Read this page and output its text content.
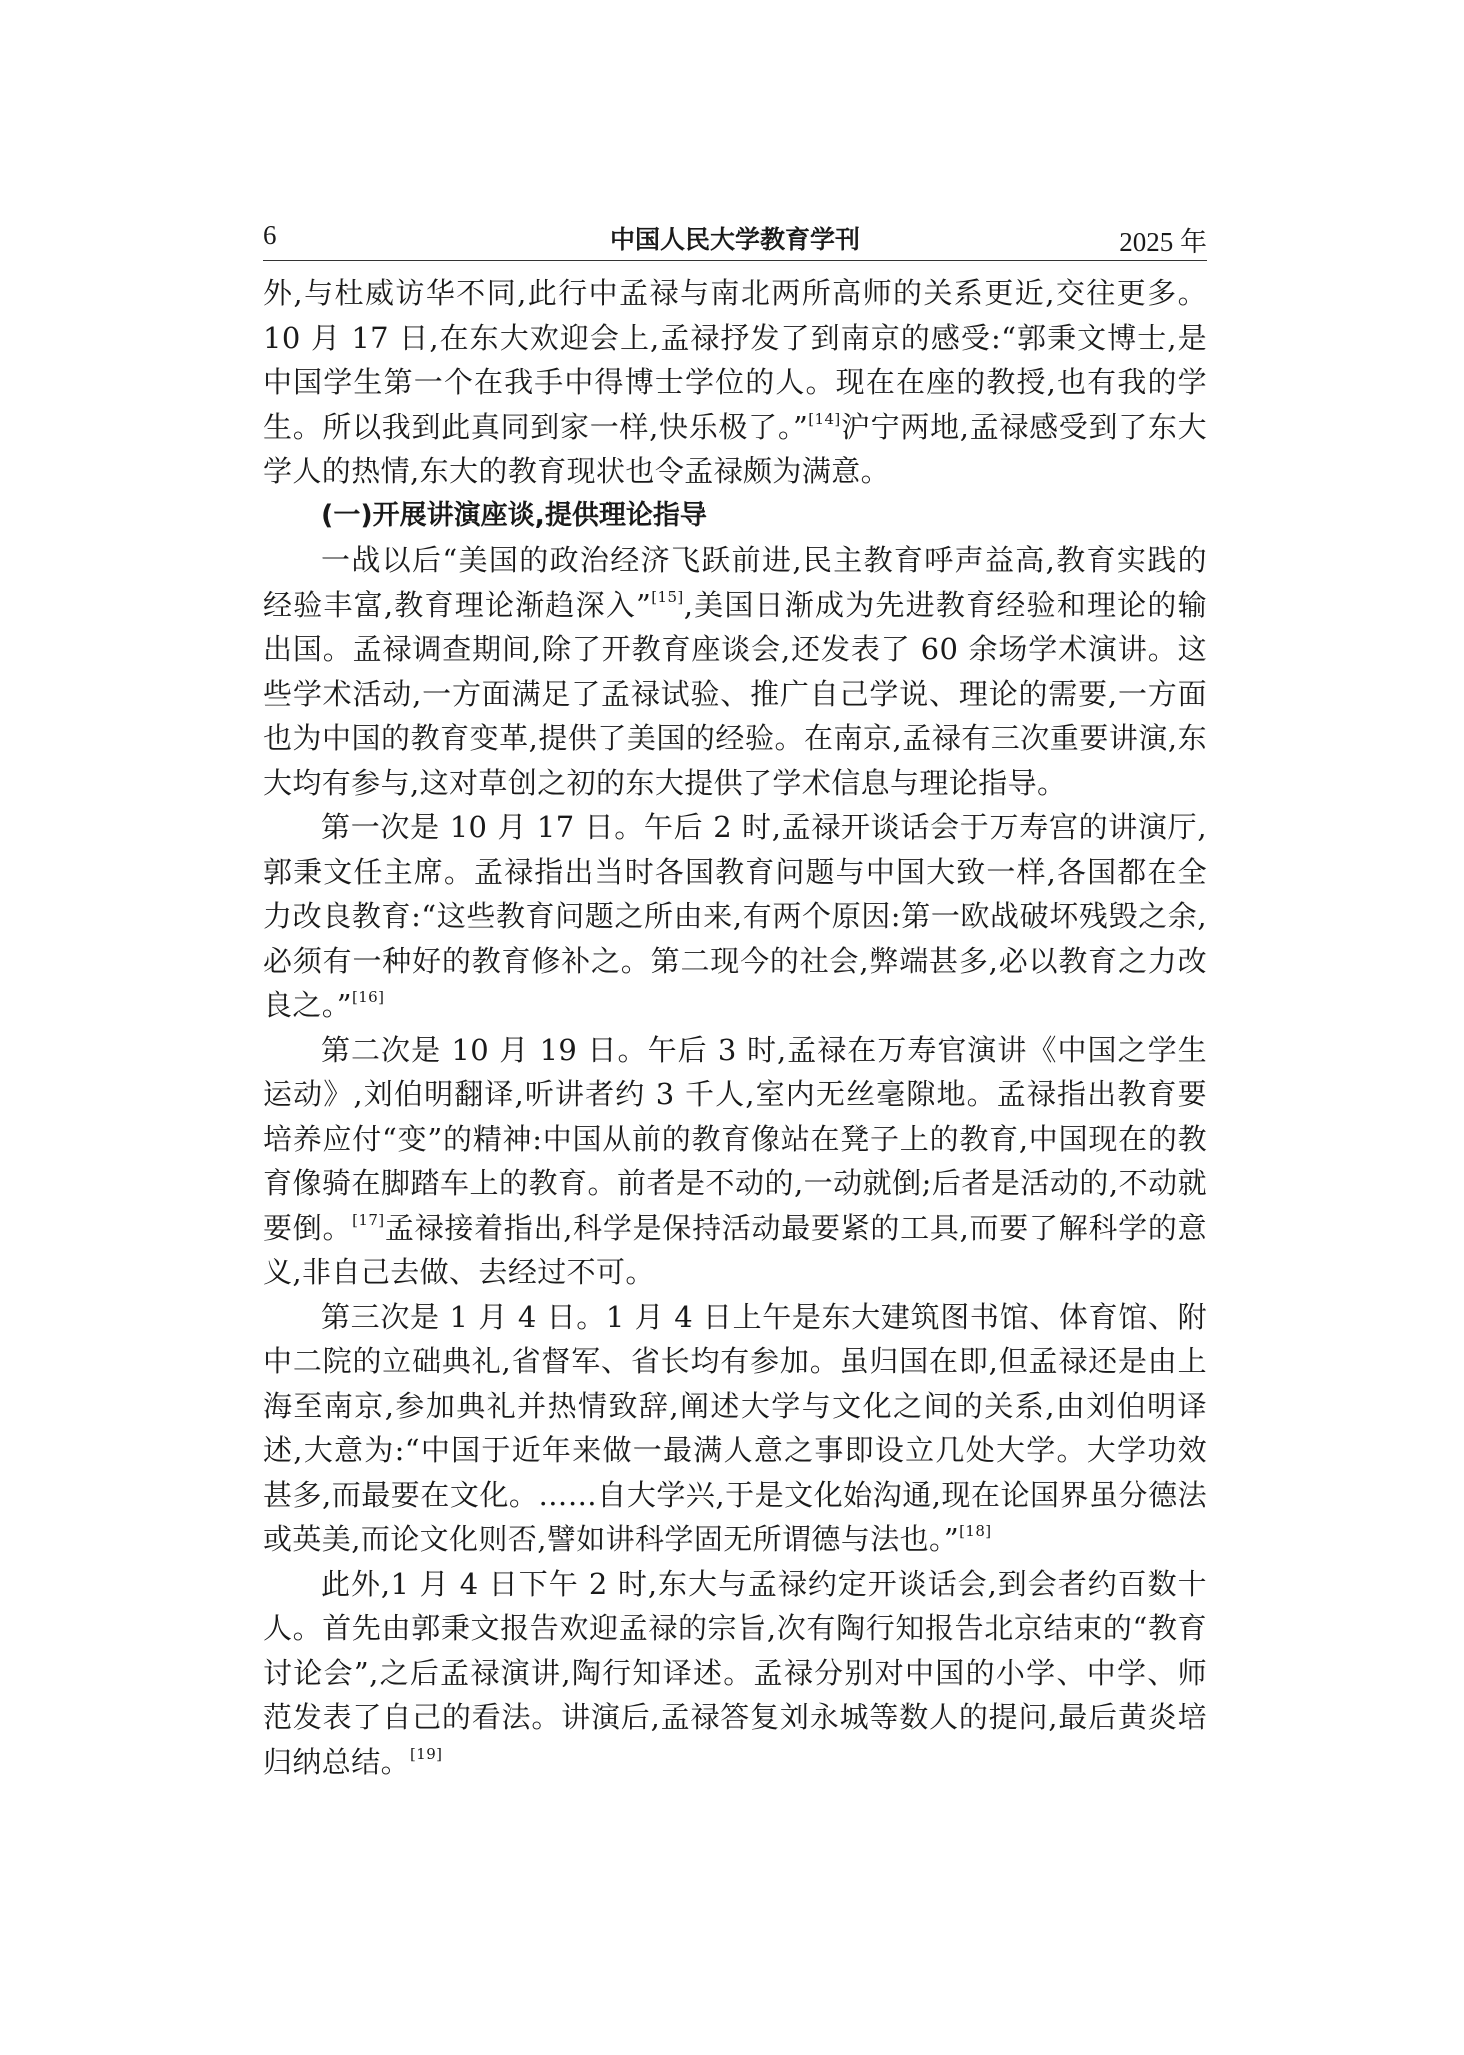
6	中国人民大学教育学刊	2025 年

外,与杜威访华不同,此行中孟禄与南北两所高师的关系更近,交往更多。10 月 17 日,在东大欢迎会上,孟禄抒发了到南京的感受:“郭秉文博士,是中国学生第一个在我手中得博士学位的人。现在在座的教授,也有我的学生。所以我到此真同到家一样,快乐极了。”[14]沪宁两地,孟禄感受到了东大学人的热情,东大的教育现状也令孟禄颇为满意。

(一)开展讲演座谈,提供理论指导

一战以后“美国的政治经济飞跃前进,民主教育呼声益高,教育实践的经验丰富,教育理论渐趋深入”[15],美国日渐成为先进教育经验和理论的输出国。孟禄调查期间,除了开教育座谈会,还发表了 60 余场学术演讲。这些学术活动,一方面满足了孟禄试验、推广自己学说、理论的需要,一方面也为中国的教育变革,提供了美国的经验。在南京,孟禄有三次重要讲演,东大均有参与,这对草创之初的东大提供了学术信息与理论指导。

第一次是 10 月 17 日。午后 2 时,孟禄开谈话会于万寿宫的讲演厅,郭秉文任主席。孟禄指出当时各国教育问题与中国大致一样,各国都在全力改良教育:“这些教育问题之所由来,有两个原因:第一欧战破坏残毁之余,必须有一种好的教育修补之。第二现今的社会,弊端甚多,必以教育之力改良之。”[16]

第二次是 10 月 19 日。午后 3 时,孟禄在万寿官演讲《中国之学生运动》,刘伯明翻译,听讲者约 3 千人,室内无丝毫隙地。孟禄指出教育要培养应付“变”的精神:中国从前的教育像站在凳子上的教育,中国现在的教育像骑在脚踏车上的教育。前者是不动的,一动就倒;后者是活动的,不动就要倒。[17]孟禄接着指出,科学是保持活动最要紧的工具,而要了解科学的意义,非自己去做、去经过不可。

第三次是 1 月 4 日。1 月 4 日上午是东大建筑图书馆、体育馆、附中二院的立础典礼,省督军、省长均有参加。虽归国在即,但孟禄还是由上海至南京,参加典礼并热情致辞,阐述大学与文化之间的关系,由刘伯明译述,大意为:“中国于近年来做一最满人意之事即设立几处大学。大学功效甚多,而最要在文化。……自大学兴,于是文化始沟通,现在论国界虽分德法或英美,而论文化则否,譬如讲科学固无所谓德与法也。”[18]

此外,1 月 4 日下午 2 时,东大与孟禄约定开谈话会,到会者约百数十人。首先由郭秉文报告欢迎孟禄的宗旨,次有陶行知报告北京结束的“教育讨论会”,之后孟禄演讲,陶行知译述。孟禄分别对中国的小学、中学、师范发表了自己的看法。讲演后,孟禄答复刘永城等数人的提问,最后黄炎培归纳总结。[19]
